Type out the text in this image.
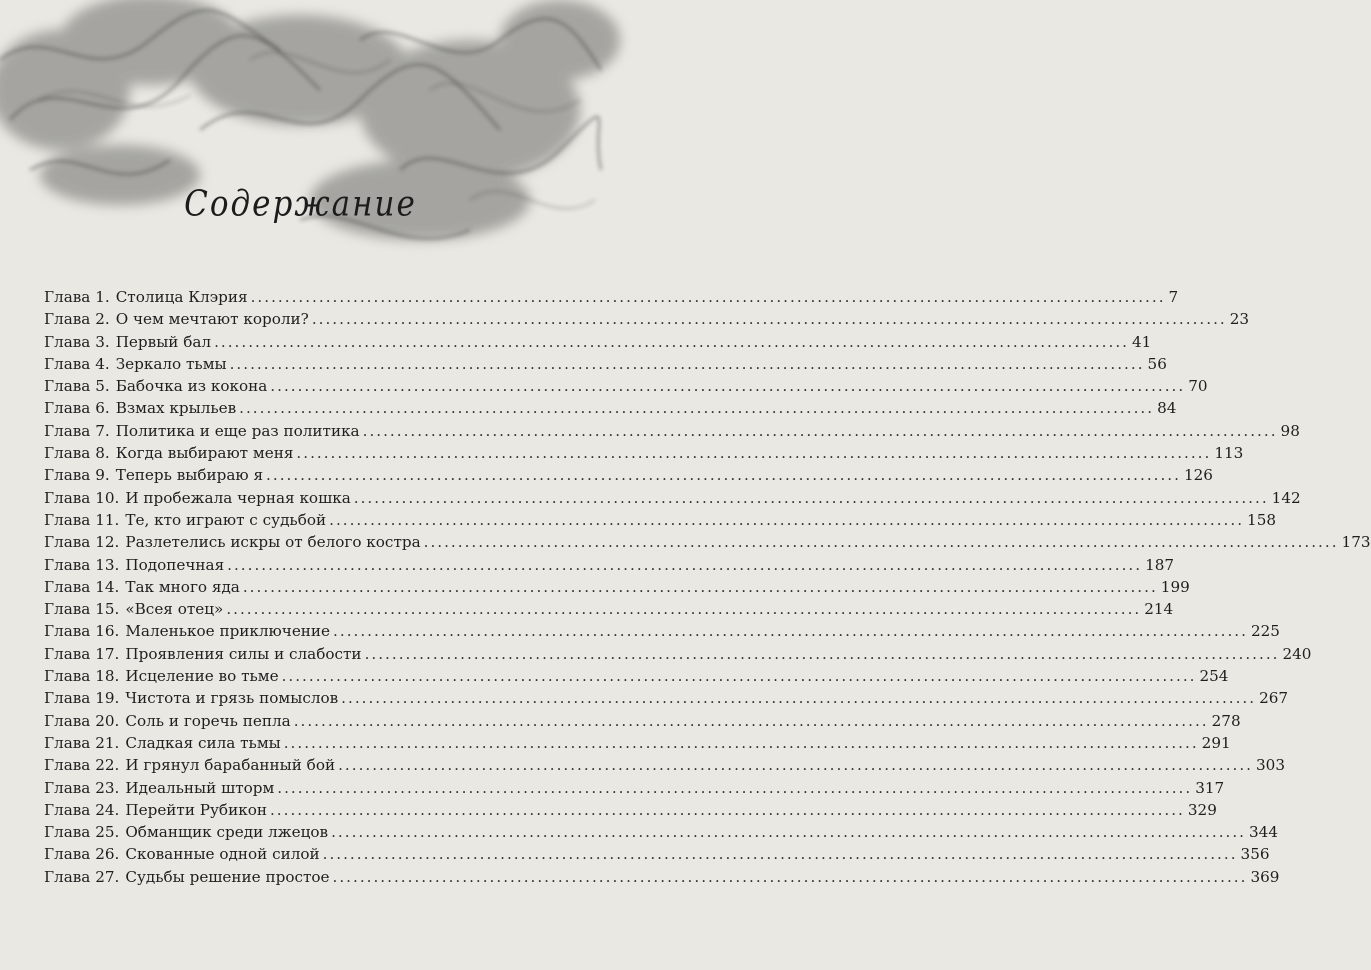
Содержание
Глава 1. Столица Клэрия .....	7
Глава 2. О чем мечтают короли? .....	23
Глава 3. Первый бал .....	41
Глава 4. Зеркало тьмы .....	56
Глава 5. Бабочка из кокона .....	70
Глава 6. Взмах крыльев .....	84
Глава 7. Политика и еще раз политика .....	98
Глава 8. Когда выбирают меня .....	113
Глава 9. Теперь выбираю я .....	126
Глава 10. И пробежала черная кошка .....	142
Глава 11. Те, кто играют с судьбой .....	158
Глава 12. Разлетелись искры от белого костра .....	173
Глава 13. Подопечная .....	187
Глава 14. Так много яда .....	199
Глава 15. «Всея отец» .....	214
Глава 16. Маленькое приключение .....	225
Глава 17. Проявления силы и слабости .....	240
Глава 18. Исцеление во тьме .....	254
Глава 19. Чистота и грязь помыслов .....	267
Глава 20. Соль и горечь пепла .....	278
Глава 21. Сладкая сила тьмы .....	291
Глава 22. И грянул барабанный бой .....	303
Глава 23. Идеальный шторм .....	317
Глава 24. Перейти Рубикон .....	329
Глава 25. Обманщик среди лжецов .....	344
Глава 26. Скованные одной силой .....	356
Глава 27. Судьбы решение простое .....	369
